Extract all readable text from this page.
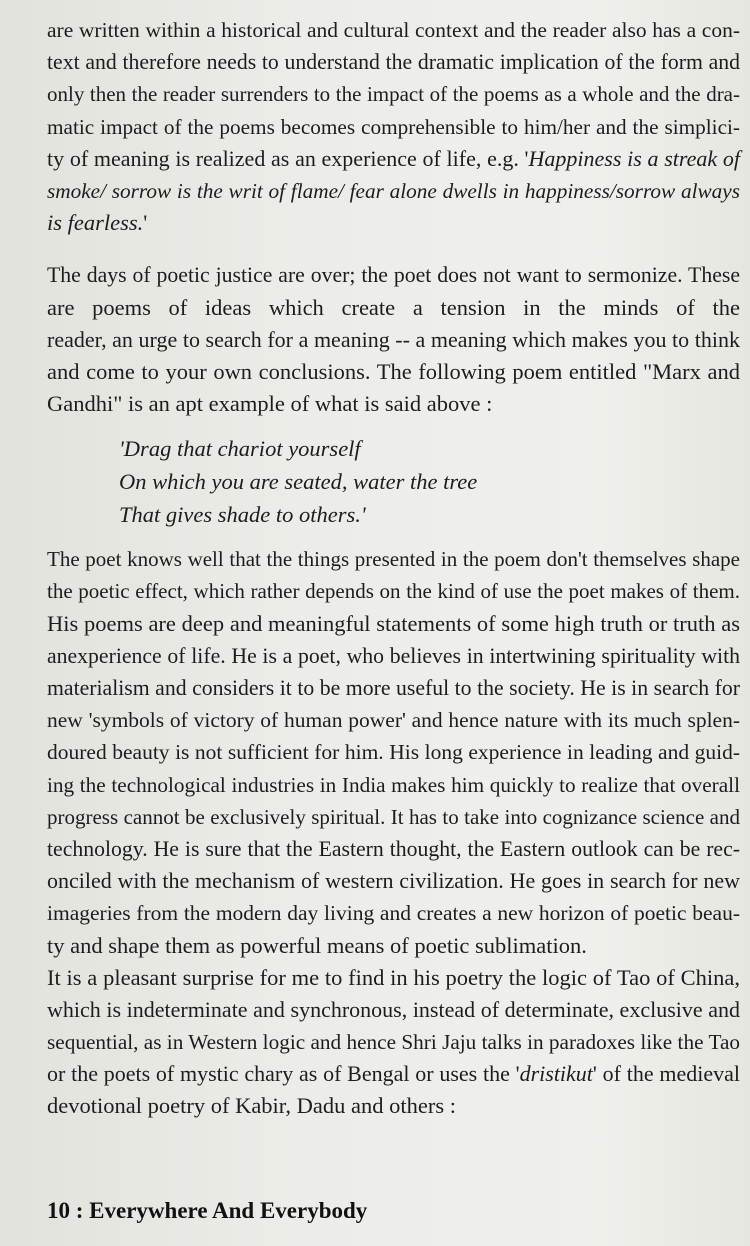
are written within a historical and cultural context and the reader also has a con-
text and therefore needs to understand the dramatic implication of the form and
only then the reader surrenders to the impact of the poems as a whole and the dra-
matic impact of the poems becomes comprehensible to him/her and the simplici-
ty of meaning is realized as an experience of life, e.g. 'Happiness is a streak of
smoke/ sorrow is the writ of flame/ fear alone dwells in happiness/sorrow always
is fearless.'
The days of poetic justice are over; the poet does not want to sermonize. These
are poems of ideas which create a tension in the minds of the
reader, an urge to search for a meaning -- a meaning which makes you to think
and come to your own conclusions. The following poem entitled "Marx and
Gandhi" is an apt example of what is said above :
'Drag that chariot yourself
On which you are seated, water the tree
That gives shade to others.'
The poet knows well that the things presented in the poem don't themselves shape
the poetic effect, which rather depends on the kind of use the poet makes of them.
His poems are deep and meaningful statements of some high truth or truth as
anexperience of life. He is a poet, who believes in intertwining spirituality with
materialism and considers it to be more useful to the society. He is in search for
new 'symbols of victory of human power' and hence nature with its much splen-
doured beauty is not sufficient for him. His long experience in leading and guid-
ing the technological industries in India makes him quickly to realize that overall
progress cannot be exclusively spiritual. It has to take into cognizance science and
technology. He is sure that the Eastern thought, the Eastern outlook can be rec-
onciled with the mechanism of western civilization. He goes in search for new
imageries from the modern day living and creates a new horizon of poetic beau-
ty and shape them as powerful means of poetic sublimation.
It is a pleasant surprise for me to find in his poetry the logic of Tao of China,
which is indeterminate and synchronous, instead of determinate, exclusive and
sequential, as in Western logic and hence Shri Jaju talks in paradoxes like the Tao
or the poets of mystic chary as of Bengal or uses the 'dristikut' of the medieval
devotional poetry of Kabir, Dadu and others :
10 : Everywhere And Everybody
